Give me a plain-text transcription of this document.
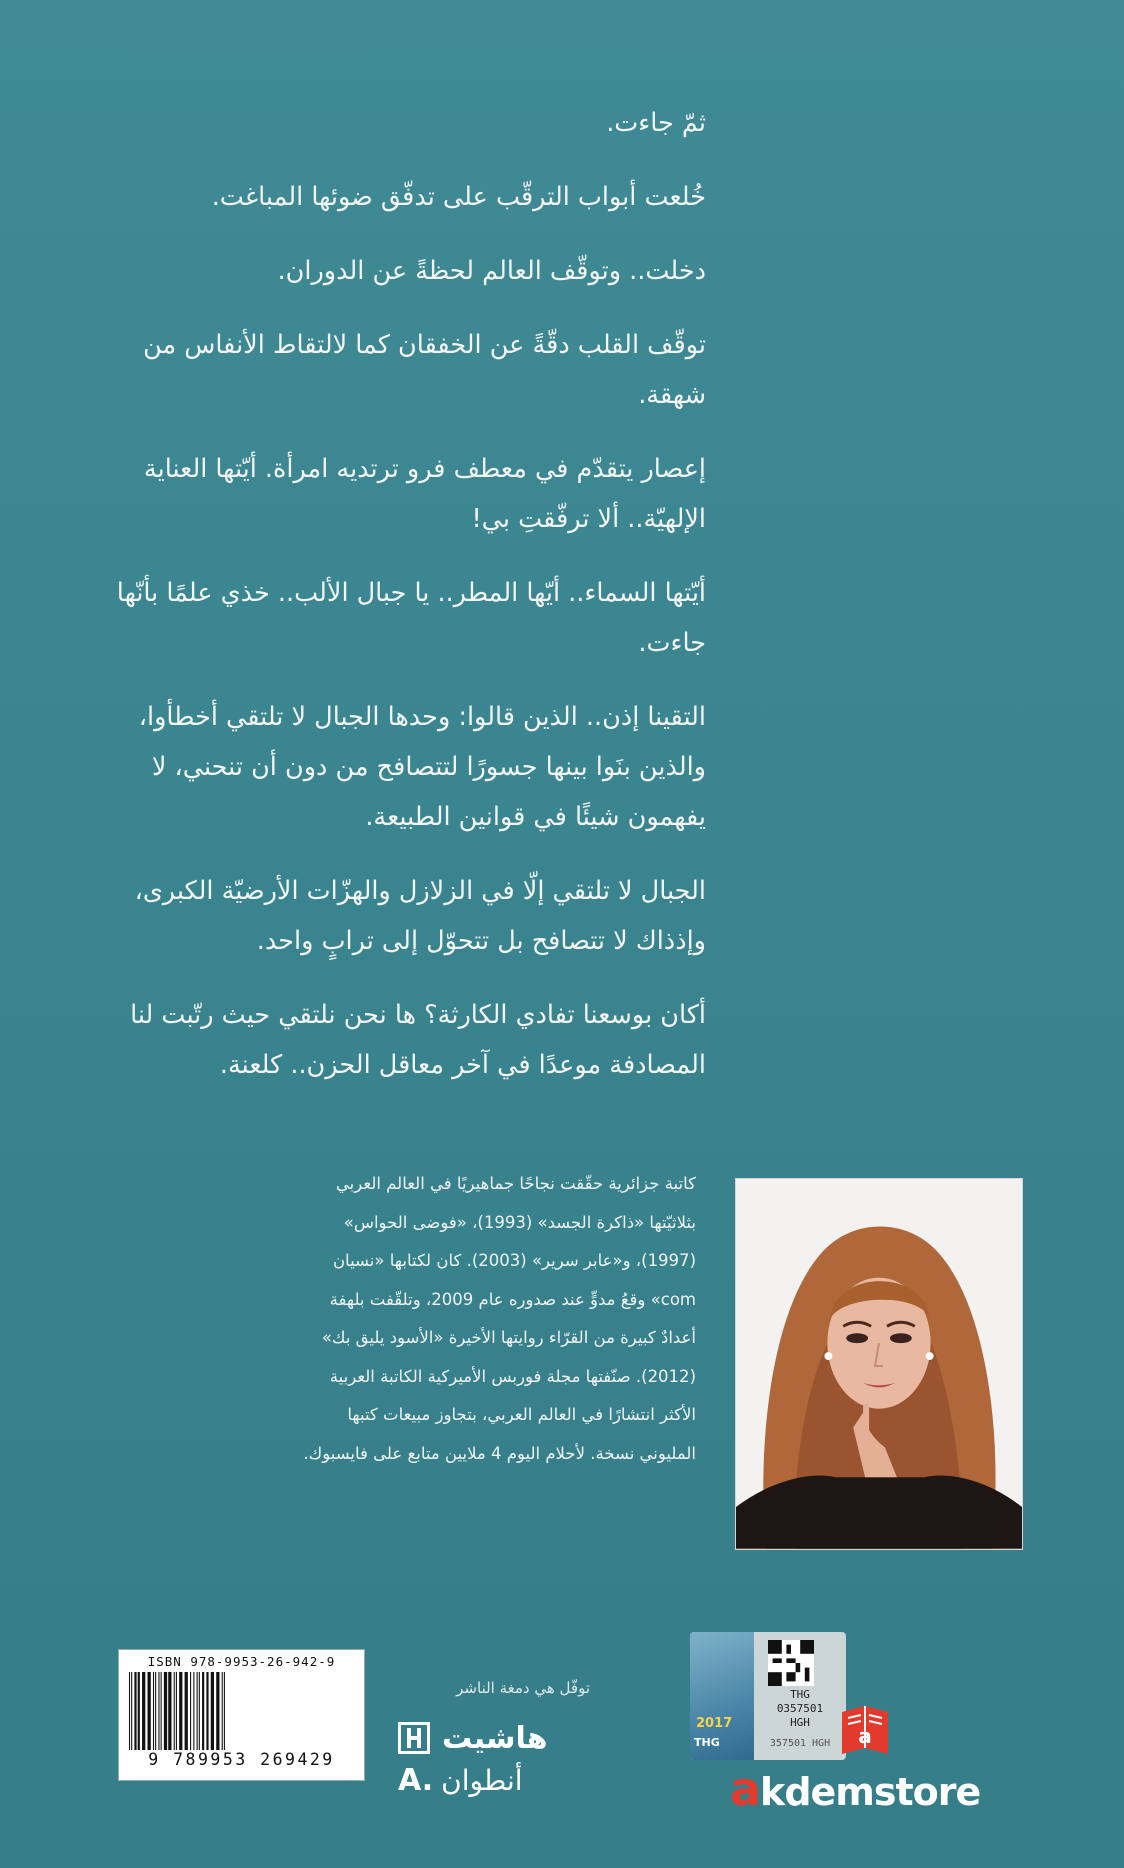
ثمّ جاءت.

خُلعت أبواب الترقّب على تدفّق ضوئها المباغت.

دخلت.. وتوقّف العالم لحظةً عن الدوران.

توقّف القلب دقّةً عن الخفقان كما لالتقاط الأنفاس من شهقة.

إعصار يتقدّم في معطف فرو ترتديه امرأة. أيّتها العناية الإلهيّة.. ألا ترفّقتِ بي!

أيّتها السماء.. أيّها المطر.. يا جبال الألب.. خذي علمًا بأنّها جاءت.

التقينا إذن.. الذين قالوا: وحدها الجبال لا تلتقي أخطأوا، والذين بنَوا بينها جسورًا لتتصافح من دون أن تنحني، لا يفهمون شيئًا في قوانين الطبيعة.

الجبال لا تلتقي إلّا في الزلازل والهزّات الأرضيّة الكبرى، وإذذاك لا تتصافح بل تتحوّل إلى ترابٍ واحد.

أكان بوسعنا تفادي الكارثة؟ ها نحن نلتقي حيث رتّبت لنا المصادفة موعدًا في آخر معاقل الحزن.. كلعنة.

كاتبة جزائرية حقّقت نجاحًا جماهيريًا في العالم العربي بثلاثيّتها «ذاكرة الجسد» (1993)، «فوضى الحواس» (1997)، و«عابر سرير» (2003). كان لكتابها «نسيان com» وقعُ مدوٍّ عند صدوره عام 2009، وتلقّفت بلهفة أعدادٌ كبيرة من القرّاء روايتها الأخيرة «الأسود يليق بك» (2012). صنّفتها مجلة فوربس الأميركية الكاتبة العربية الأكثر انتشارًا في العالم العربي، بتجاوز مبيعات كتبها المليوني نسخة. لأحلام اليوم 4 ملايين متابع على فايسبوك.
ISBN 978-9953-26-942-9
9 789953 269429
توفّل هي دمغة الناشر
هاشيت
A. أنطوان
2017
THG
THG
0357501
HGH
357501 HGH	a
akdemstore
